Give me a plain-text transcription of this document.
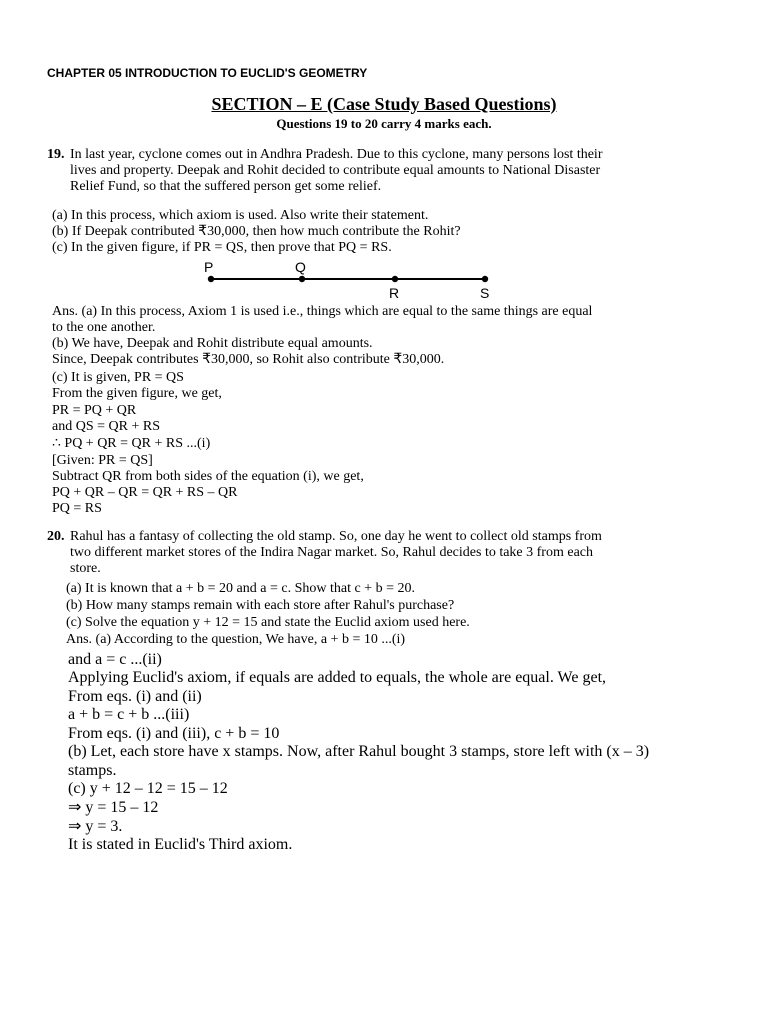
CHAPTER 05 INTRODUCTION TO EUCLID'S GEOMETRY
SECTION – E (Case Study Based Questions)
Questions 19 to 20 carry 4 marks each.
19. In last year, cyclone comes out in Andhra Pradesh. Due to this cyclone, many persons lost their
lives and property. Deepak and Rohit decided to contribute equal amounts to National Disaster
Relief Fund, so that the suffered person get some relief.
(a) In this process, which axiom is used. Also write their statement.
(b) If Deepak contributed ₹30,000, then how much contribute the Rohit?
(c) In the given figure, if PR = QS, then prove that PQ = RS.
P	Q
R	S
Ans. (a) In this process, Axiom 1 is used i.e., things which are equal to the same things are equal
to the one another.
(b) We have, Deepak and Rohit distribute equal amounts.
Since, Deepak contributes ₹30,000, so Rohit also contribute ₹30,000.
(c) It is given, PR = QS
From the given figure, we get,
PR = PQ + QR
and QS = QR + RS
∴ PQ + QR = QR + RS ...(i)
[Given: PR = QS]
Subtract QR from both sides of the equation (i), we get,
PQ + QR – QR = QR + RS – QR
PQ = RS
20. Rahul has a fantasy of collecting the old stamp. So, one day he went to collect old stamps from
two different market stores of the Indira Nagar market. So, Rahul decides to take 3 from each
store.
(a) It is known that a + b = 20 and a = c. Show that c + b = 20.
(b) How many stamps remain with each store after Rahul's purchase?
(c) Solve the equation y + 12 = 15 and state the Euclid axiom used here.
Ans. (a) According to the question, We have, a + b = 10 ...(i)
and a = c ...(ii)
Applying Euclid's axiom, if equals are added to equals, the whole are equal. We get,
From eqs. (i) and (ii)
a + b = c + b ...(iii)
From eqs. (i) and (iii), c + b = 10
(b) Let, each store have x stamps. Now, after Rahul bought 3 stamps, store left with (x – 3)
stamps.
(c) y + 12 – 12 = 15 – 12
⇒ y = 15 – 12
⇒ y = 3.
It is stated in Euclid's Third axiom.
